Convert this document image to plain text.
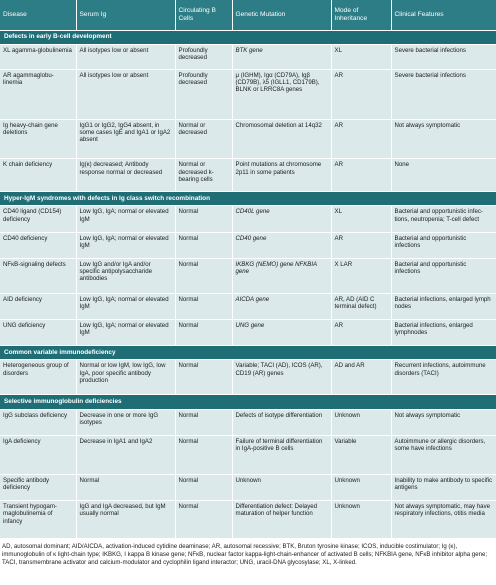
Disease	Serum Ig	Circulating B Cells	Genetic Mutation	Mode of Inheritance	Clinical Features
Defects in early B-cell development					
XL agamma-globulinemia	All isotypes low or absent	Profoundly decreased	BTK gene	XL	Severe bacterial infections
AR agammaglobu-linemia	All isotypes low or absent	Profoundly decreased	μ (IGHM), Igα (CD79A), Igβ (CD79B), λ5 (IGLL1, CD179B), BLNK or LRRC8A genes	AR	Severe bacterial infections
Ig heavy-chain gene deletions	IgG1 or IgG2, IgG4 absent, in some cases IgE and IgA1 or IgA2 absent	Normal or decreased	Chromosomal deletion at 14q32	AR	Not always symptomatic
K chain deficiency	Ig(κ) decreased; Antibody response normal or decreased	Normal or decreased k-bearing cells	Point mutations at chromosome 2p11 in some patients	AR	None
Hyper-IgM syndromes with defects in Ig class switch recombination					
CD40 ligand (CD154) deficiency	Low IgG, IgA; normal or elevated IgM	Normal	CD40L gene	XL	Bacterial and opportunistic infec-tions, neutropenia; T-cell defect
CD40 deficiency	Low IgG, IgA; normal or elevated IgM	Normal	CD40 gene	AR	Bacterial and opportunistic infections
NFκB-signaling defects	Low IgG and/or IgA and/or specific antipolysaccharide antibodies	Normal	IKBKG (NEMO) gene NFKBIA gene	X LAR	Bacterial and opportunistic infections
AID deficiency	Low IgG, IgA; normal or elevated IgM	Normal	AICDA gene	AR, AD (AID C terminal defect)	Bacterial infections, enlarged lymph nodes
UNG deficiency	Low IgG, IgA; normal or elevated IgM	Normal	UNG gene	AR	Bacterial infections, enlarged lymphnodes
Common variable immunodeficiency					
Heterogeneous group of disorders	Normal or low IgM, low IgG, low IgA, poor specific antibody production	Normal	Variable; TACI (AD), ICOS (AR), CD19 (AR) genes	AD and AR	Recurrent infections, autoimmune disorders (TACI)
Selective immunoglobulin deficiencies					
IgG subclass deficiency	Decrease in one or more IgG isotypes	Normal	Defects of isotype differentiation	Unknown	Not always symptomatic
IgA deficiency	Decrease in IgA1 and IgA2	Normal	Failure of terminal differentiation in IgA-positive B cells	Variable	Autoimmune or allergic disorders, some have infections
Specific antibody deficiency	Normal	Normal	Unknown	Unknown	Inability to make antibody to specific antigens
Transient hypogam-maglobulinemia of infancy	IgG and IgA decreased, but IgM usually normal	Normal	Differentiation defect: Delayed maturation of helper function	Unknown	Not always symptomatic, may have respiratory infections, otitis media
AD, autosomal dominant; AID/AICDA, activation-induced cytidine deaminase; AR, autosomal recessive; BTK, Bruton tyrosine kinase; ICOS, inducible costimulator; Ig (κ), immunoglobulin of κ light-chain type; IKBKG, I kappa B kinase gene; NFκB, nuclear factor kappa-light-chain-enhancer of activated B cells; NFKBIA gene, NFκB inhibitor alpha gene; TACI, transmembrane activator and calcium-modulator and cyclophilin ligand interactor; UNG, uracil-DNA glycosylase; XL, X-linked.
